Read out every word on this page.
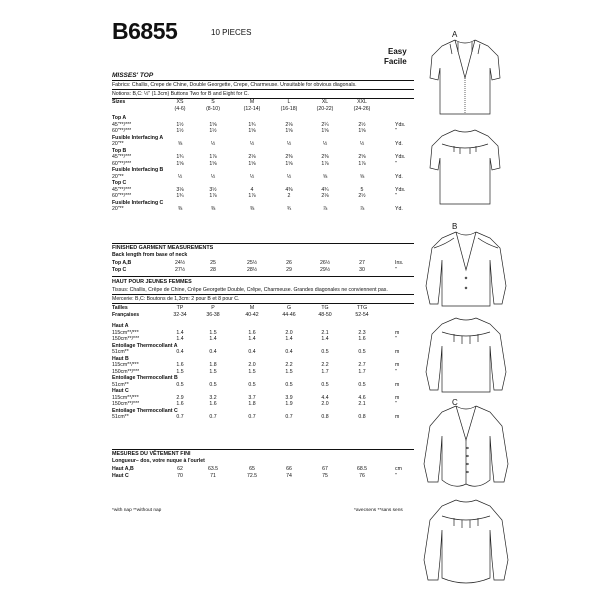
B6855	10 PIECES
Easy
Facile
MISSES' TOP
Fabrics: Challis, Crepe de Chine, Double Georgette, Crepe, Charmeuse. Unsuitable for obvious diagonals.
Notions: B,C: ½" (1.3cm) Buttons Two for B and Eight for C.
Sizes	XS	S	M	L	XL	XXL
(4-6)	(8-10)	(12-14)	(16-18)	(20-22)	(24-26)
Top A
45"**/***	1½	1⅝	1¾	2⅛	2¼	2½	Yds.
60"**/***	1½	1½	1⅝	1⅝	1⅝	1⅝	"
Fusible Interfacing A
20"**	⅝	½	½	½	½	½	Yd.
Top B
45"**/***	1¾	1⅞	2⅛	2⅜	2⅜	2⅝	Yds.
60"**/***	1⅝	1⅝	1⅝	1⅝	1⅞	1⅞	"
Fusible Interfacing B
20"**	½	½	½	½	⅝	⅝	Yd.
Top C
45"**/***	3⅛	3½	4	4⅜	4¾	5	Yds.
60"**/***	1¾	1⅞	1⅞	2	2⅛	2½	"
Fusible Interfacing C
20"**	⅜	⅜	⅜	¾	⅞	⅞	Yd.
FINISHED GARMENT MEASUREMENTS
Back length from base of neck
Top A,B	24½	25	25½	26	26½	27	Ins.
Top C	27½	28	28½	29	29½	30	"
HAUT POUR JEUNES FEMMES
Tissus: Challis, Crêpe de Chine, Crêpe Georgette Double, Crêpe, Charmeuse. Grandes diagonales ne conviennent pas.
Mercerie: B,C: Boutons de 1,3cm: 2 pour B et 8 pour C.
Tailles	TP	P	M	G	TG	TTG
Françaises	32-34	36-38	40-42	44-46	48-50	52-54
Haut A
115cm**/***	1.4	1.5	1.6	2.0	2.1	2.3	m
150cm**/***	1.4	1.4	1.4	1.4	1.4	1.6	"
Entoilage Thermocollant A
51cm**	0.4	0.4	0.4	0.4	0.5	0.5	m
Haut B
115cm**/***	1.6	1.8	2.0	2.2	2.2	2.7	m
150cm**/***	1.5	1.5	1.5	1.5	1.7	1.7	"
Entoilage Thermocollant B
51cm**	0.5	0.5	0.5	0.5	0.5	0.5	m
Haut C
115cm**/***	2.9	3.2	3.7	3.9	4.4	4.6	m
150cm**/***	1.6	1.6	1.8	1.9	2.0	2.1	"
Entoilage Thermocollant C
51cm**	0.7	0.7	0.7	0.7	0.8	0.8	m
MESURES DU VÊTEMENT FINI
Longueur– dos, votre nuque à l'ourlet
Haut A,B	62	63.5	65	66	67	68.5	cm
Haut C	70	71	72.5	74	75	76	"
*with nap **without nap	*avecsens **sans sens
A
B
C
